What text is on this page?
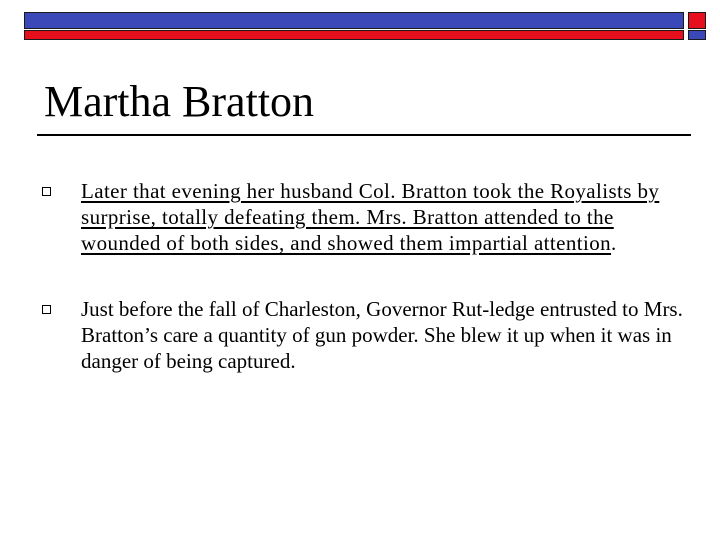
Martha Bratton
Later that evening her husband Col. Bratton took the Royalists by surprise, totally defeating them. Mrs. Bratton attended to the wounded of both sides, and showed them impartial attention.
Just before the fall of Charleston, Governor Rut-ledge entrusted to Mrs. Bratton’s care a quantity of gun powder. She blew it up when it was in danger of being captured.
